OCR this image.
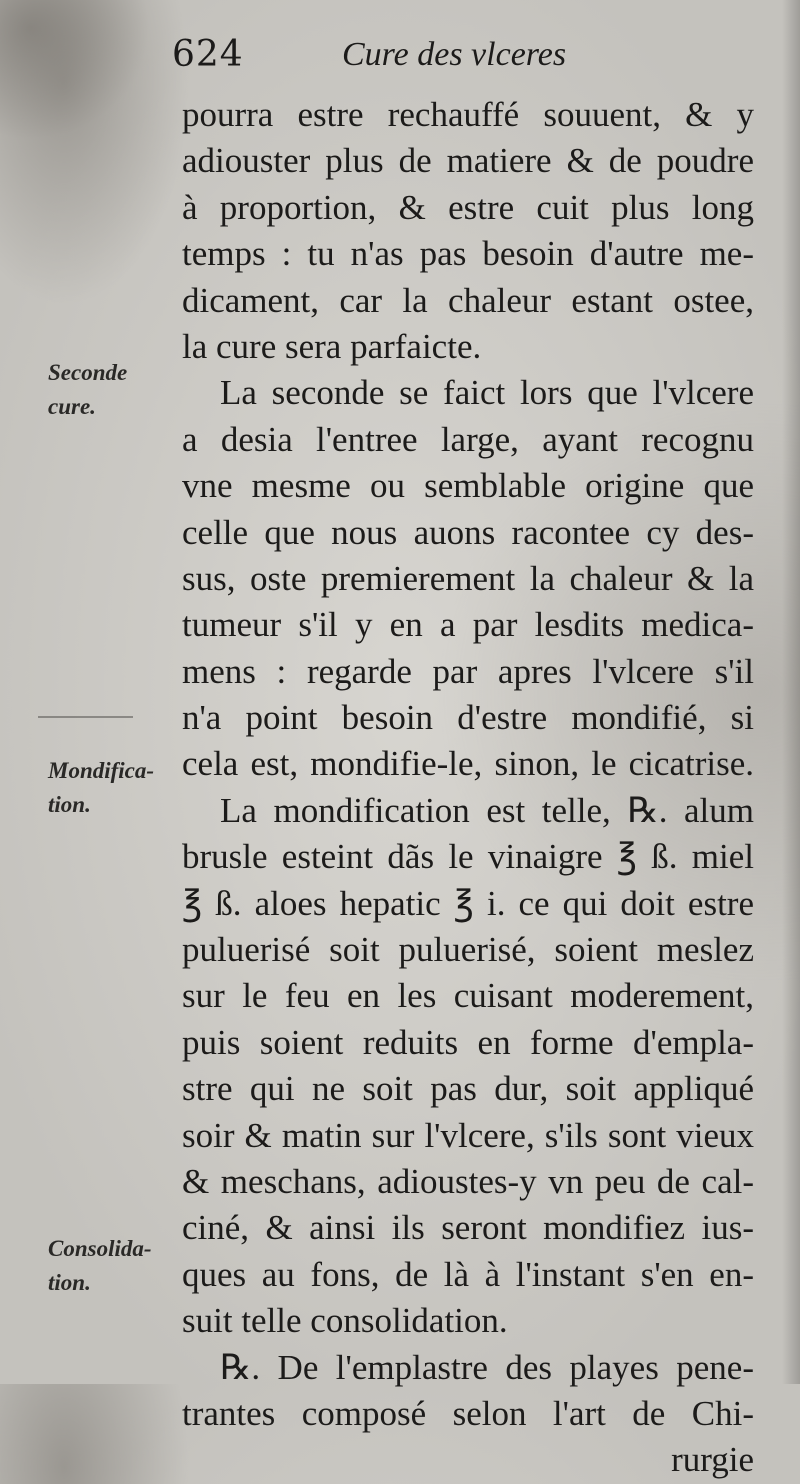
624	Cure des vlceres
Seconde
cure.
Mondifica-
tion.
Consolida-
tion.
pourra estre rechauffé souuent, & y
adiouster plus de matiere & de poudre
à proportion, & estre cuit plus long
temps : tu n'as pas besoin d'autre me-
dicament, car la chaleur estant ostee,
la cure sera parfaicte.
La seconde se faict lors que l'vlcere
a desia l'entree large, ayant recognu
vne mesme ou semblable origine que
celle que nous auons racontee cy des-
sus, oste premierement la chaleur & la
tumeur s'il y en a par lesdits medica-
mens : regarde par apres l'vlcere s'il
n'a point besoin d'estre mondifié, si
cela est, mondifie-le, sinon, le cicatrise.
La mondification est telle, ℞. alum
brusle esteint dãs le vinaigre ℥ ß. miel
℥ ß. aloes hepatic ℥ i. ce qui doit estre
puluerisé soit puluerisé, soient meslez
sur le feu en les cuisant moderement,
puis soient reduits en forme d'empla-
stre qui ne soit pas dur, soit appliqué
soir & matin sur l'vlcere, s'ils sont vieux
& meschans, adioustes-y vn peu de cal-
ciné, & ainsi ils seront mondifiez ius-
ques au fons, de là à l'instant s'en en-
suit telle consolidation.
℞. De l'emplastre des playes pene-
trantes composé selon l'art de Chi-
rurgie
